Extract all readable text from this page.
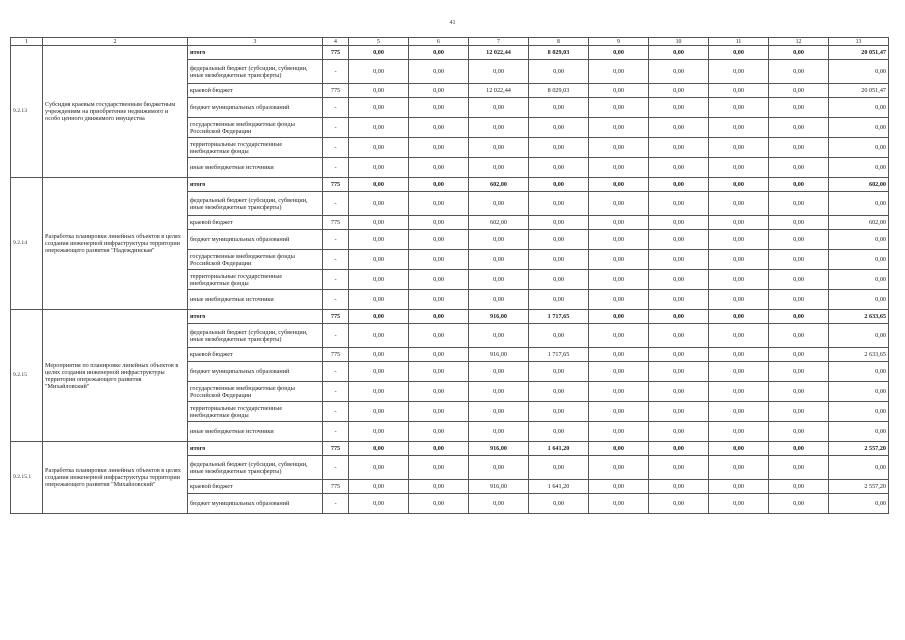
41
1	2	3	4	5	6	7	8	9	10	11	12	13
9.2.13	Субсидия краевым государственным бюджетным учреждениям на приобретение недвижимого и особо ценного движимого имущества	итого	775	0,00	0,00	12 022,44	8 029,03	0,00	0,00	0,00	0,00	20 051,47
		федеральный бюджет (субсидии, субвенции, иные межбюджетные трансферты)	-	0,00	0,00	0,00	0,00	0,00	0,00	0,00	0,00	0,00
		краевой бюджет	775	0,00	0,00	12 022,44	8 029,03	0,00	0,00	0,00	0,00	20 051,47
		бюджет муниципальных образований	-	0,00	0,00	0,00	0,00	0,00	0,00	0,00	0,00	0,00
		государственные внебюджетные фонды Российской Федерации	-	0,00	0,00	0,00	0,00	0,00	0,00	0,00	0,00	0,00
		территориальные государственные внебюджетные фонды	-	0,00	0,00	0,00	0,00	0,00	0,00	0,00	0,00	0,00
		иные внебюджетные источники	-	0,00	0,00	0,00	0,00	0,00	0,00	0,00	0,00	0,00
9.2.14	Разработка планировки линейных объектов в целях создания инженерной инфраструктуры территории опережающего развития "Надеждинская"	итого	775	0,00	0,00	602,00	0,00	0,00	0,00	0,00	0,00	602,00
		федеральный бюджет (субсидии, субвенции, иные межбюджетные трансферты)	-	0,00	0,00	0,00	0,00	0,00	0,00	0,00	0,00	0,00
		краевой бюджет	775	0,00	0,00	602,00	0,00	0,00	0,00	0,00	0,00	602,00
		бюджет муниципальных образований	-	0,00	0,00	0,00	0,00	0,00	0,00	0,00	0,00	0,00
		государственные внебюджетные фонды Российской Федерации	-	0,00	0,00	0,00	0,00	0,00	0,00	0,00	0,00	0,00
		территориальные государственные внебюджетные фонды	-	0,00	0,00	0,00	0,00	0,00	0,00	0,00	0,00	0,00
		иные внебюджетные источники	-	0,00	0,00	0,00	0,00	0,00	0,00	0,00	0,00	0,00
9.2.15	Мероприятия по планировке линейных объектов в целях создания инженерной инфраструктуры территории опережающего развития "Михайловский"	итого	775	0,00	0,00	916,00	1 717,65	0,00	0,00	0,00	0,00	2 633,65
		федеральный бюджет (субсидии, субвенции, иные межбюджетные трансферты)	-	0,00	0,00	0,00	0,00	0,00	0,00	0,00	0,00	0,00
		краевой бюджет	775	0,00	0,00	916,00	1 717,65	0,00	0,00	0,00	0,00	2 633,65
		бюджет муниципальных образований	-	0,00	0,00	0,00	0,00	0,00	0,00	0,00	0,00	0,00
		государственные внебюджетные фонды Российской Федерации	-	0,00	0,00	0,00	0,00	0,00	0,00	0,00	0,00	0,00
		территориальные государственные внебюджетные фонды	-	0,00	0,00	0,00	0,00	0,00	0,00	0,00	0,00	0,00
		иные внебюджетные источники	-	0,00	0,00	0,00	0,00	0,00	0,00	0,00	0,00	0,00
9.2.15.1	Разработка планировки линейных объектов в целях создания инженерной инфраструктуры территории опережающего развития "Михайловский"	итого	775	0,00	0,00	916,00	1 641,20	0,00	0,00	0,00	0,00	2 557,20
		федеральный бюджет (субсидии, субвенции, иные межбюджетные трансферты)	-	0,00	0,00	0,00	0,00	0,00	0,00	0,00	0,00	0,00
		краевой бюджет	775	0,00	0,00	916,00	1 641,20	0,00	0,00	0,00	0,00	2 557,20
		бюджет муниципальных образований	-	0,00	0,00	0,00	0,00	0,00	0,00	0,00	0,00	0,00
